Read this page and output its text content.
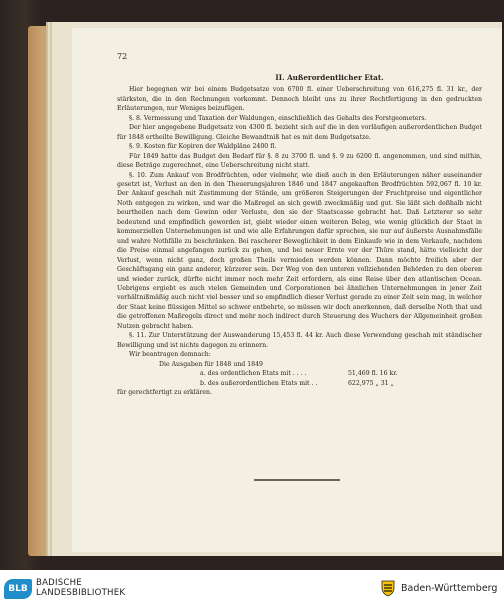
72
II. Außerordentlicher Etat.

Hier begegnen wir bei einem Budgetsatze von 6700 fl. einer Ueberschreitung von 616,275 fl. 31 kr., der stärksten, die in den Rechnungen vorkommt. Dennoch bleibt uns zu ihrer Rechtfertigung in den gedruckten Erläuterungen, nur Weniges beizufügen.

§. 8. Vermessung und Taxation der Waldungen, einschließlich des Gehalts des Forstgeometers.

Der hier angegebene Budgetsatz von 4300 fl. bezieht sich auf die in den vorläufigen außerordentlichen Budget für 1848 ertheilte Bewilligung. Gleiche Bewandtniß hat es mit dem Budgetsatze.

§. 9. Kosten für Kopiren der Waldpläne 2400 fl.

Für 1849 hatte das Budget den Bedarf für §. 8 zu 3700 fl. und §. 9 zu 6200 fl. angenommen, und sind mithin, diese Beträge zugerechnet, eine Ueberschreitung nicht statt.

§. 10. Zum Ankauf von Brodfrüchten, oder vielmehr, wie dieß auch in den Erläuterungen näher auseinander gesetzt ist, Verlust an den in den Theuerungsjahren 1846 und 1847 angekauften Brodfrüchten 592,067 fl. 10 kr. Der Ankauf geschah mit Zustimmung der Stände, um größeren Steigerungen der Fruchtpreise und eigentlicher Noth entgegen zu wirken, und war die Maßregel an sich gewiß zweckmäßig und gut. Sie läßt sich deßhalb nicht beurtheilen nach dem Gewinn oder Verluste, den sie der Staatscasse gebracht hat. Daß Letzterer so sehr bedeutend und empfindlich geworden ist, giebt wieder einen weiteren Beleg, wie wenig glücklich der Staat in kommerziellen Unternehmungen ist und wie alle Erfahrungen dafür sprechen, sie nur auf äußerste Ausnahmsfälle und wahre Nothfälle zu beschränken. Bei rascherer Beweglichkeit in dem Einkaufe wie in dem Verkaufe, nachdem die Preise einmal angefangen zurück zu gehen, und bei neuer Ernte vor der Thüre stand, hätte vielleicht der Verlust, wenn nicht ganz, doch großen Theils vermieden werden können. Dann möchte freilich aber der Geschäftsgang ein ganz anderer, kürzerer sein. Der Weg von den unteren vollziehenden Behörden zu den oberen und wieder zurück, dürfte nicht immer noch mehr Zeit erfordern, als eine Reise über den atlantischen Ocean. Uebrigens ergiebt es auch vielen Gemeinden und Corporationen bei ähnlichen Unternehmungen in jener Zeit verhältnißmäßig auch nicht viel besser und so empfindlich dieser Verlust gerade zu einer Zeit sein mag, in welcher der Staat keine flüssigen Mittel so schwer entbehrte, so müssen wir doch anerkennen, daß derselbe Noth that und die getroffenen Maßregeln direct und mehr noch indirect durch Steuerung des Wuchers der Allgemeinheit großen Nutzen gebracht haben.

§. 11. Zur Unterstützung der Auswanderung 15,453 fl. 44 kr. Auch diese Verwendung geschah mit ständischer Bewilligung und ist nichts dagegen zu erinnern.

Wir beantragen demnach:

Die Ausgaben für 1848 und 1849

a. des ordentlichen Etats mit . . . .	51,469 fl. 16 kr.
b. des außerordentlichen Etats mit . .	622,975 „ 31 „

für gerechtfertigt zu erklären.

BLB
BADISCHE
LANDESBIBLIOTHEK	Baden-Württemberg
